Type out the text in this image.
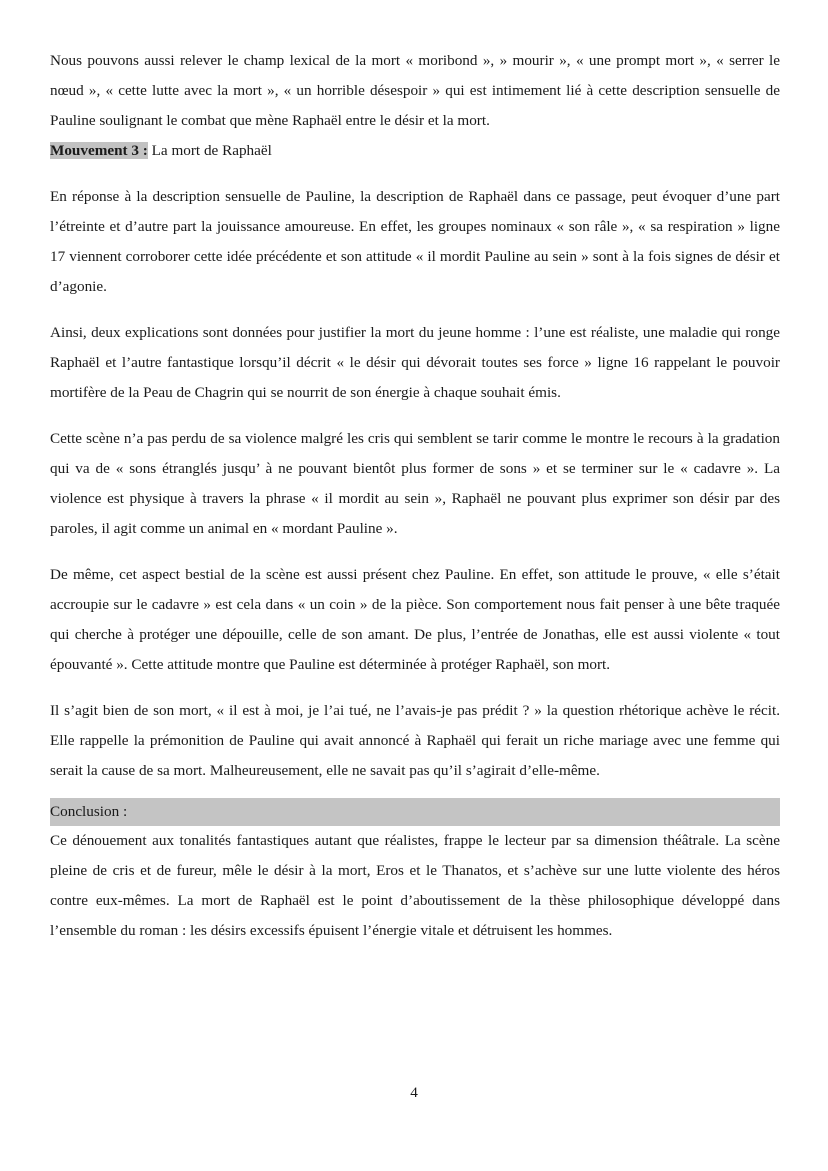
Nous pouvons aussi relever le champ lexical de la mort « moribond », » mourir », « une prompt mort », « serrer le nœud », « cette lutte avec la mort », « un horrible désespoir » qui est intimement lié à cette description sensuelle de Pauline soulignant le combat que mène Raphaël entre le désir et la mort.

Mouvement 3 : La mort de Raphaël

En réponse à la description sensuelle de Pauline, la description de Raphaël dans ce passage, peut évoquer d’une part l’étreinte et d’autre part la jouissance amoureuse. En effet, les groupes nominaux « son râle », « sa respiration » ligne 17 viennent corroborer cette idée précédente et son attitude « il mordit Pauline au sein » sont à la fois signes de désir et d’agonie.

Ainsi, deux explications sont données pour justifier la mort du jeune homme : l’une est réaliste, une maladie qui ronge Raphaël et l’autre fantastique lorsqu’il décrit « le désir qui dévorait toutes ses force » ligne 16 rappelant le pouvoir mortifère de la Peau de Chagrin qui se nourrit de son énergie à chaque souhait émis.

Cette scène n’a pas perdu de sa violence malgré les cris qui semblent se tarir comme le montre le recours à la gradation qui va de « sons étranglés jusqu’ à ne pouvant bientôt plus former de sons » et se terminer sur le « cadavre ». La violence est physique à travers la phrase « il mordit au sein », Raphaël ne pouvant plus exprimer son désir par des paroles, il agit comme un animal en « mordant Pauline ».

De même, cet aspect bestial de la scène est aussi présent chez Pauline. En effet, son attitude le prouve, « elle s’était accroupie sur le cadavre » est cela dans « un coin » de la pièce. Son comportement nous fait penser à une bête traquée qui cherche à protéger une dépouille, celle de son amant. De plus, l’entrée de Jonathas, elle est aussi violente « tout épouvanté ». Cette attitude montre que Pauline est déterminée à protéger Raphaël, son mort.

Il s’agit bien de son mort, « il est à moi, je l’ai tué, ne l’avais-je pas prédit ? » la question rhétorique achève le récit. Elle rappelle la prémonition de Pauline qui avait annoncé à Raphaël qui ferait un riche mariage avec une femme qui serait la cause de sa mort. Malheureusement, elle ne savait pas qu’il s’agirait d’elle-même.

Conclusion :

Ce dénouement aux tonalités fantastiques autant que réalistes, frappe le lecteur par sa dimension théâtrale. La scène pleine de cris et de fureur, mêle le désir à la mort, Eros et le Thanatos, et s’achève sur une lutte violente des héros contre eux-mêmes. La mort de Raphaël est le point d’aboutissement de la thèse philosophique développé dans l’ensemble du roman : les désirs excessifs épuisent l’énergie vitale et détruisent les hommes.

4
